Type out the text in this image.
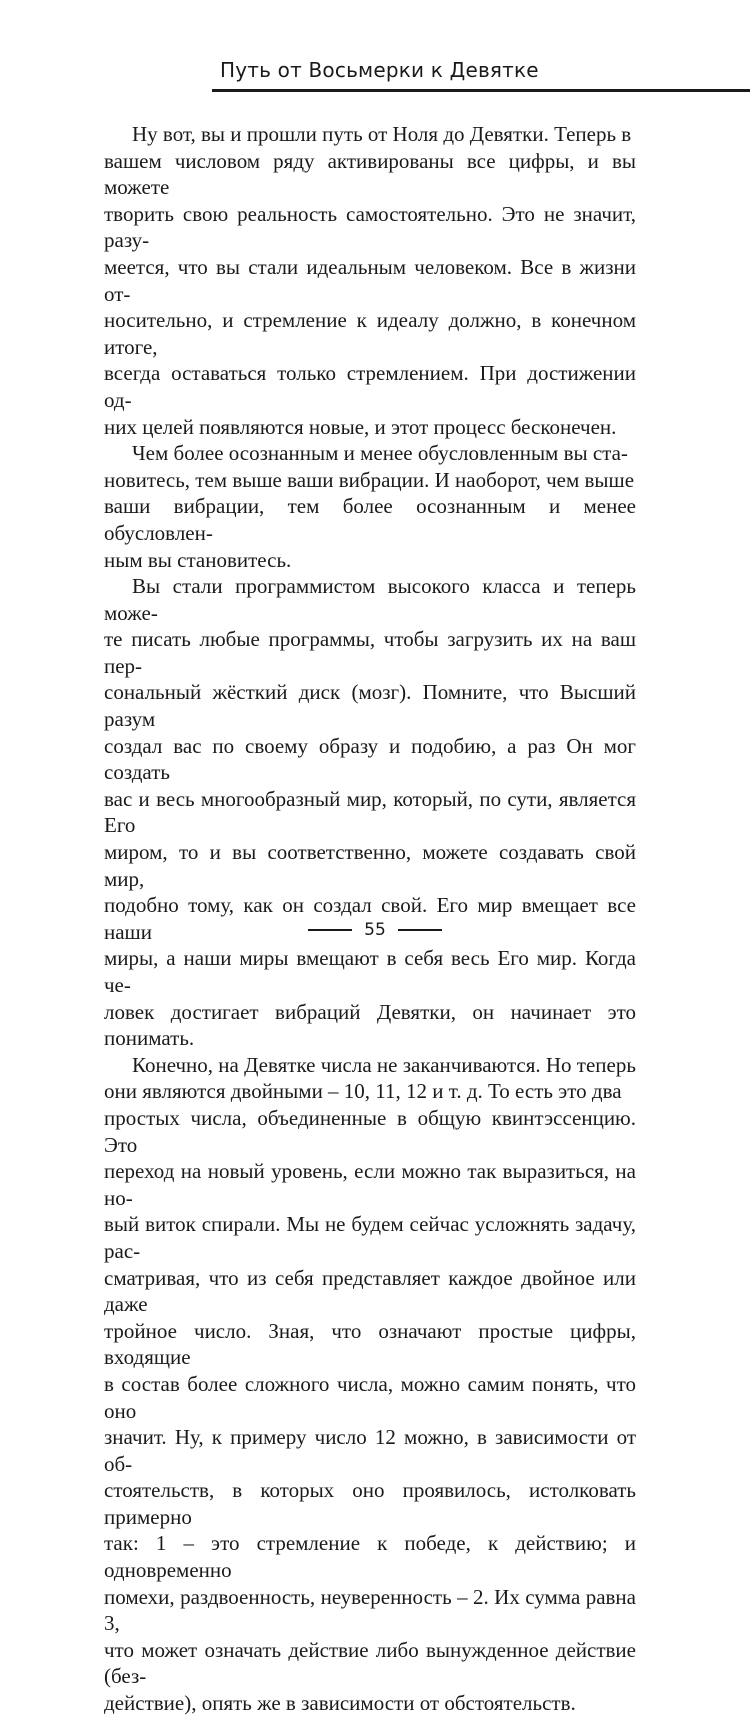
Путь от Восьмерки к Девятке

Ну вот, вы и прошли путь от Ноля до Девятки. Теперь в
вашем числовом ряду активированы все цифры, и вы можете
творить свою реальность самостоятельно. Это не значит, разу-
меется, что вы стали идеальным человеком. Все в жизни от-
носительно, и стремление к идеалу должно, в конечном итоге,
всегда оставаться только стремлением. При достижении од-
них целей появляются новые, и этот процесс бесконечен.

Чем более осознанным и менее обусловленным вы ста-
новитесь, тем выше ваши вибрации. И наоборот, чем выше
ваши вибрации, тем более осознанным и менее обусловлен-
ным вы становитесь.

Вы стали программистом высокого класса и теперь може-
те писать любые программы, чтобы загрузить их на ваш пер-
сональный жёсткий диск (мозг). Помните, что Высший разум
создал вас по своему образу и подобию, а раз Он мог создать
вас и весь многообразный мир, который, по сути, является Его
миром, то и вы соответственно, можете создавать свой мир,
подобно тому, как он создал свой. Его мир вмещает все наши
миры, а наши миры вмещают в себя весь Его мир. Когда че-
ловек достигает вибраций Девятки, он начинает это понимать.

Конечно, на Девятке числа не заканчиваются. Но теперь
они являются двойными – 10, 11, 12 и т. д. То есть это два
простых числа, объединенные в общую квинтэссенцию. Это
переход на новый уровень, если можно так выразиться, на но-
вый виток спирали. Мы не будем сейчас усложнять задачу, рас-
сматривая, что из себя представляет каждое двойное или даже
тройное число. Зная, что означают простые цифры, входящие
в состав более сложного числа, можно самим понять, что оно
значит. Ну, к примеру число 12 можно, в зависимости от об-
стоятельств, в которых оно проявилось, истолковать примерно
так: 1 – это стремление к победе, к действию; и одновременно
помехи, раздвоенность, неуверенность – 2. Их сумма равна 3,
что может означать действие либо вынужденное действие (без-
действие), опять же в зависимости от обстоятельств.

55
